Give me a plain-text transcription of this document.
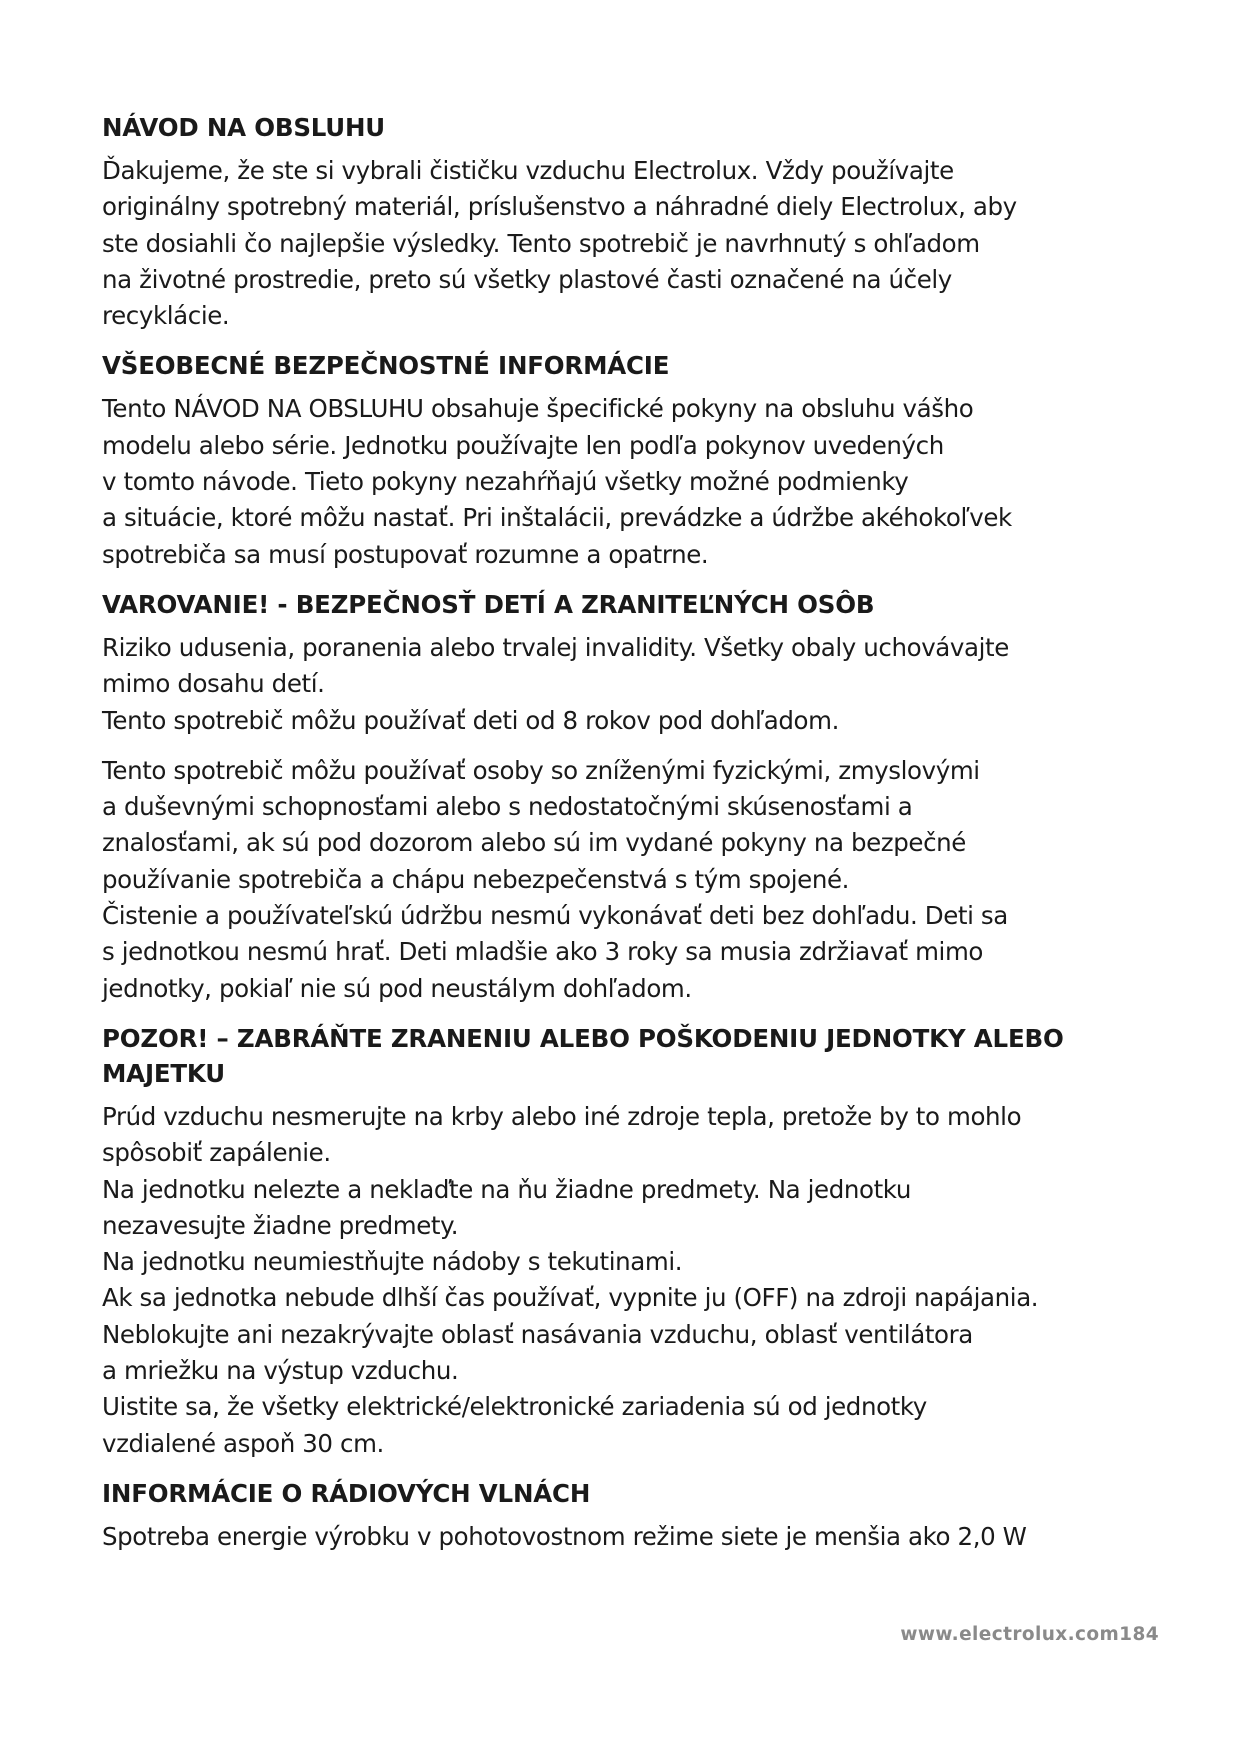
NÁVOD NA OBSLUHU
Ďakujeme, že ste si vybrali čističku vzduchu Electrolux. Vždy používajte
originálny spotrebný materiál, príslušenstvo a náhradné diely Electrolux, aby
ste dosiahli čo najlepšie výsledky. Tento spotrebič je navrhnutý s ohľadom
na životné prostredie, preto sú všetky plastové časti označené na účely
recyklácie.
VŠEOBECNÉ BEZPEČNOSTNÉ INFORMÁCIE
Tento NÁVOD NA OBSLUHU obsahuje špecifické pokyny na obsluhu vášho
modelu alebo série. Jednotku používajte len podľa pokynov uvedených
v tomto návode. Tieto pokyny nezahŕňajú všetky možné podmienky
a situácie, ktoré môžu nastať. Pri inštalácii, prevádzke a údržbe akéhokoľvek
spotrebiča sa musí postupovať rozumne a opatrne.
VAROVANIE! - BEZPEČNOSŤ DETÍ A ZRANITEĽNÝCH OSÔB
Riziko udusenia, poranenia alebo trvalej invalidity. Všetky obaly uchovávajte
mimo dosahu detí.
Tento spotrebič môžu používať deti od 8 rokov pod dohľadom.
Tento spotrebič môžu používať osoby so zníženými fyzickými, zmyslovými
a duševnými schopnosťami alebo s nedostatočnými skúsenosťami a
znalosťami, ak sú pod dozorom alebo sú im vydané pokyny na bezpečné
používanie spotrebiča a chápu nebezpečenstvá s tým spojené.
Čistenie a používateľskú údržbu nesmú vykonávať deti bez dohľadu. Deti sa
s jednotkou nesmú hrať. Deti mladšie ako 3 roky sa musia zdržiavať mimo
jednotky, pokiaľ nie sú pod neustálym dohľadom.
POZOR! – ZABRÁŇTE ZRANENIU ALEBO POŠKODENIU JEDNOTKY ALEBO
MAJETKU
Prúd vzduchu nesmerujte na krby alebo iné zdroje tepla, pretože by to mohlo
spôsobiť zapálenie.
Na jednotku nelezte a neklaďte na ňu žiadne predmety. Na jednotku
nezavesujte žiadne predmety.
Na jednotku neumiestňujte nádoby s tekutinami.
Ak sa jednotka nebude dlhší čas používať, vypnite ju (OFF) na zdroji napájania.
Neblokujte ani nezakrývajte oblasť nasávania vzduchu, oblasť ventilátora
a mriežku na výstup vzduchu.
Uistite sa, že všetky elektrické/elektronické zariadenia sú od jednotky
vzdialené aspoň 30 cm.
INFORMÁCIE O RÁDIOVÝCH VLNÁCH
Spotreba energie výrobku v pohotovostnom režime siete je menšia ako 2,0 W
www.electrolux.com184
